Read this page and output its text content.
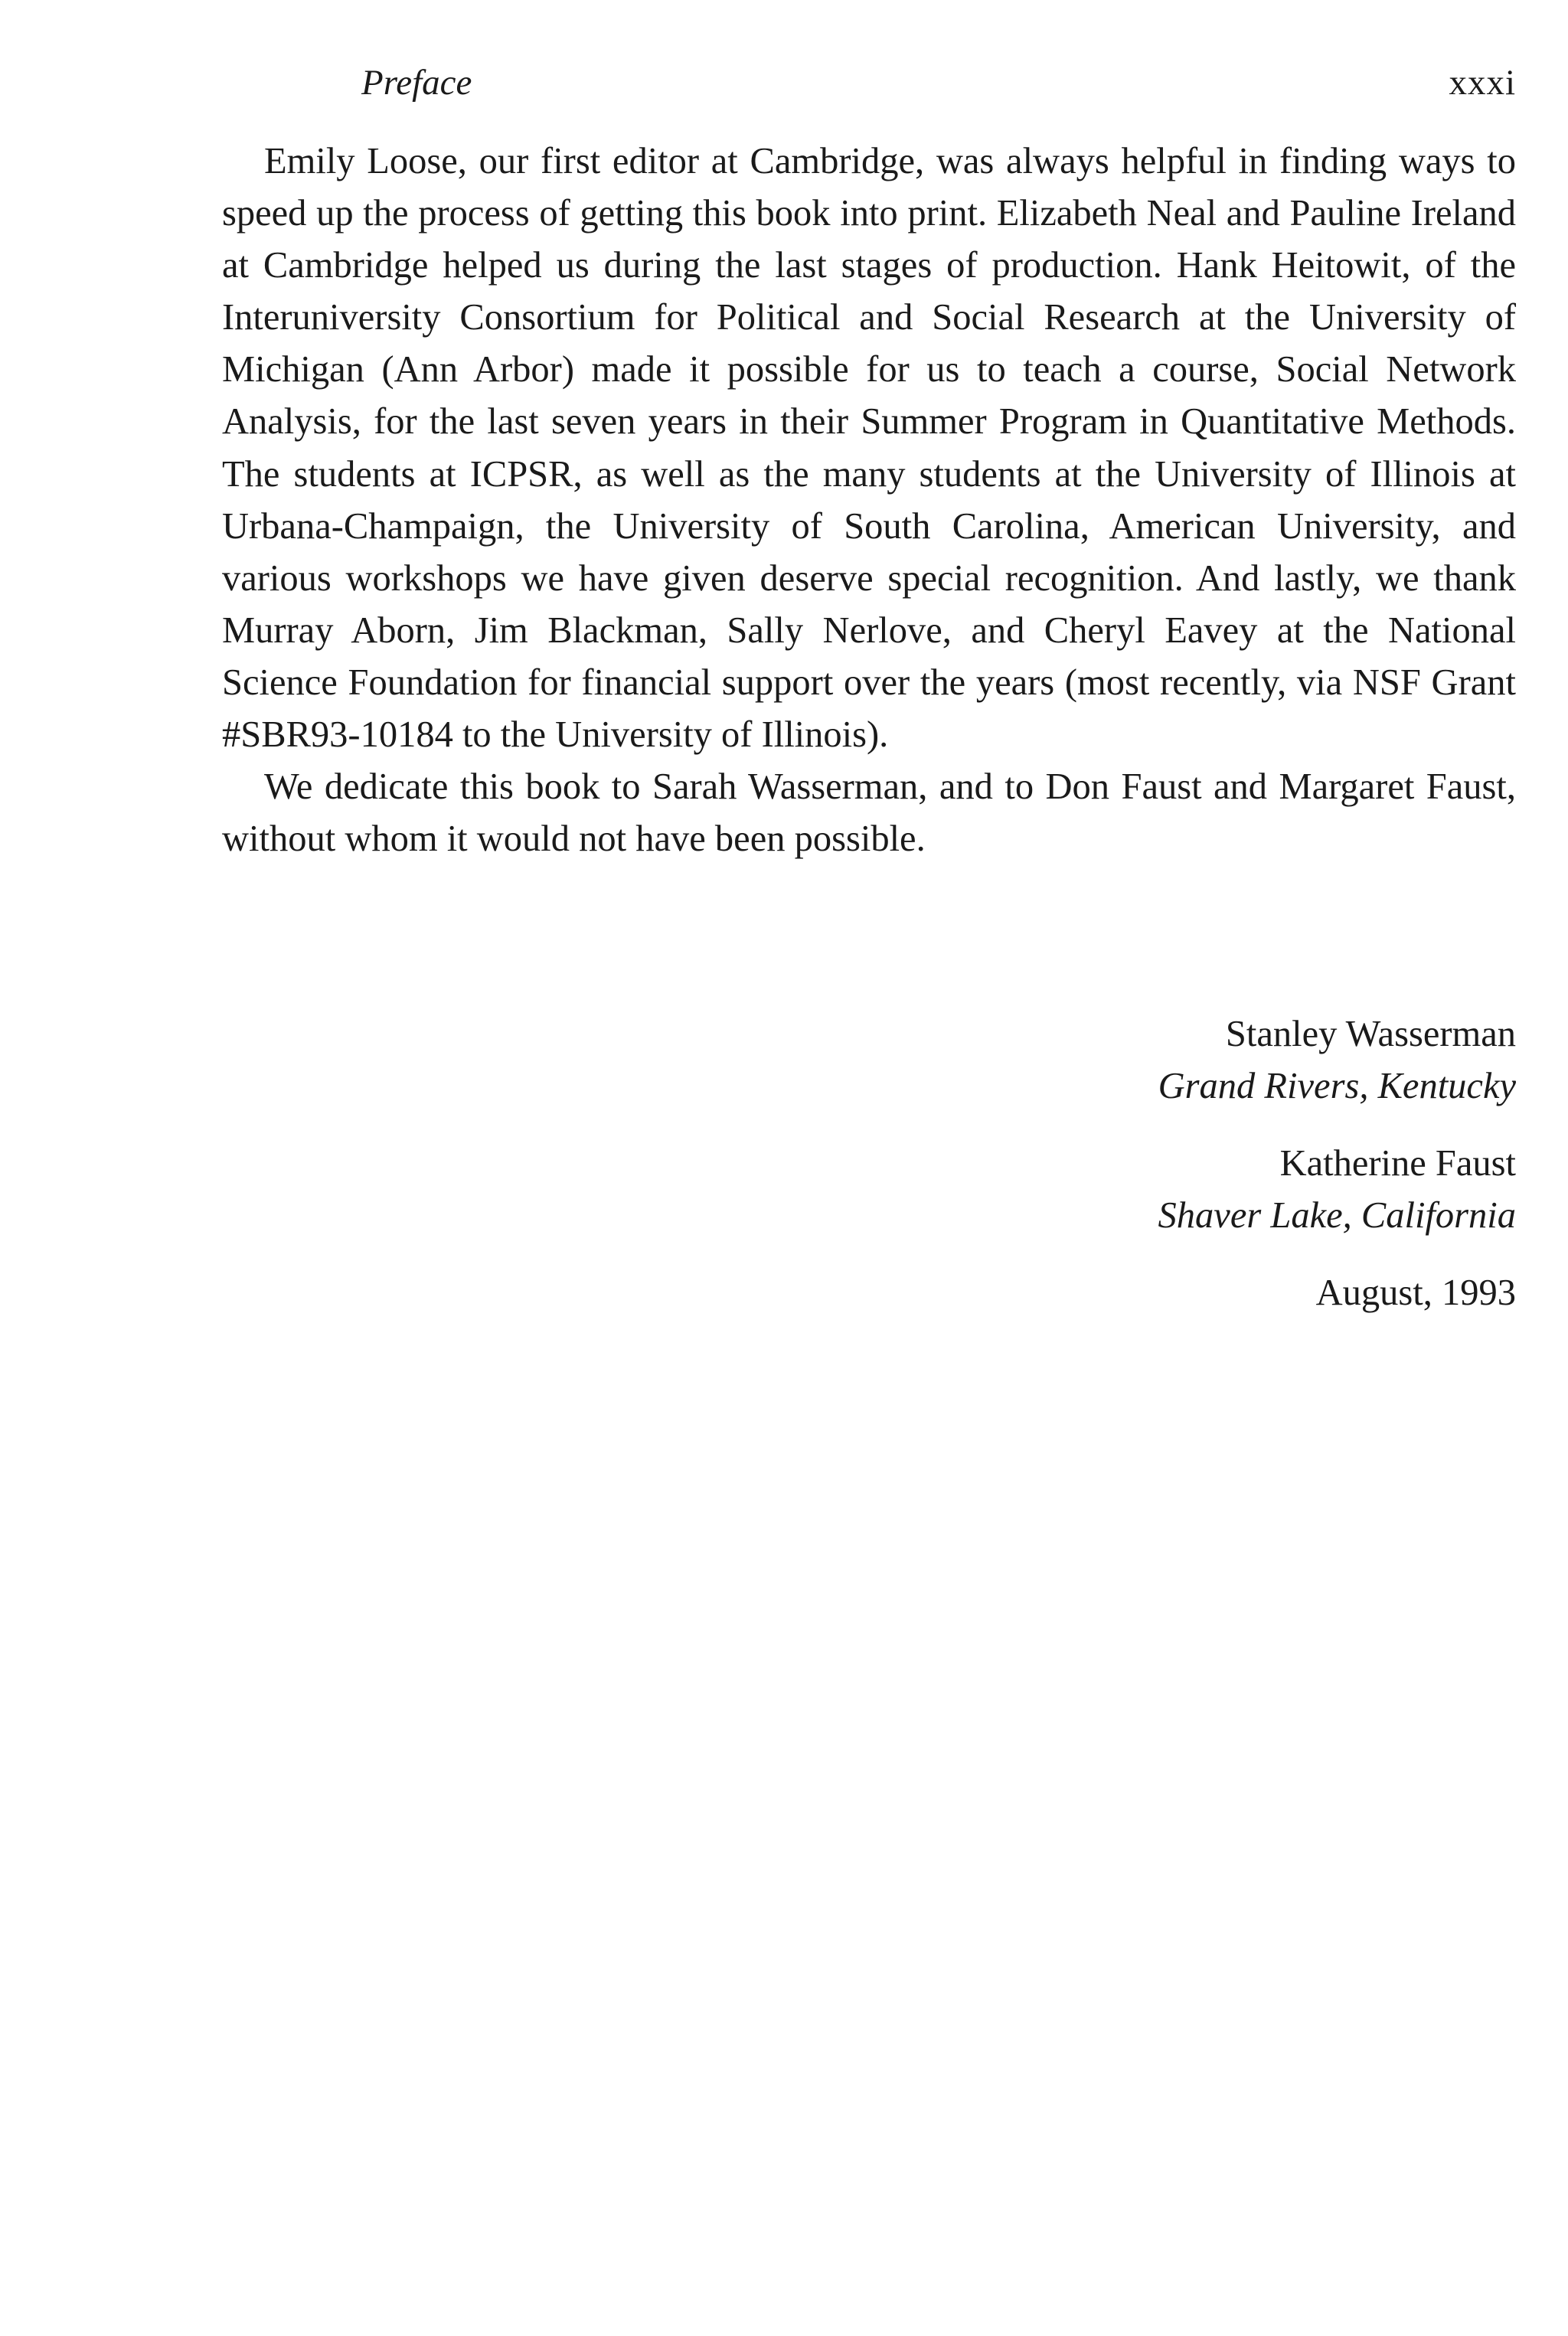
Preface	xxxi

Emily Loose, our first editor at Cambridge, was always helpful in finding ways to speed up the process of getting this book into print. Elizabeth Neal and Pauline Ireland at Cambridge helped us during the last stages of production. Hank Heitowit, of the Interuniversity Consortium for Political and Social Research at the University of Michigan (Ann Arbor) made it possible for us to teach a course, Social Network Analysis, for the last seven years in their Summer Program in Quantitative Methods. The students at ICPSR, as well as the many students at the University of Illinois at Urbana-Champaign, the University of South Carolina, American University, and various workshops we have given deserve special recognition. And lastly, we thank Murray Aborn, Jim Blackman, Sally Nerlove, and Cheryl Eavey at the National Science Foundation for financial support over the years (most recently, via NSF Grant #SBR93-10184 to the University of Illinois).

We dedicate this book to Sarah Wasserman, and to Don Faust and Margaret Faust, without whom it would not have been possible.

Stanley Wasserman
Grand Rivers, Kentucky
Katherine Faust
Shaver Lake, California
August, 1993
